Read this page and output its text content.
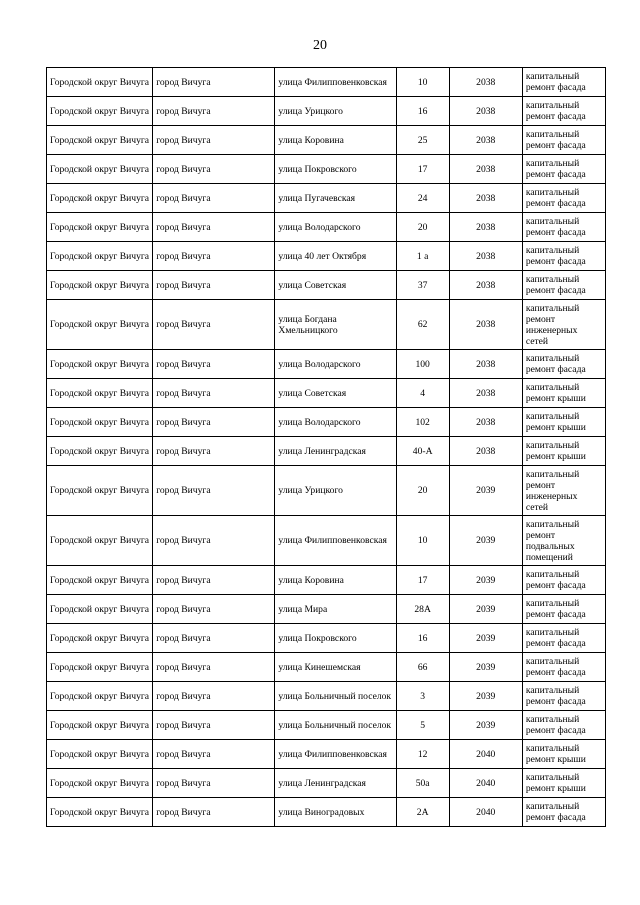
20
Городской округ Вичуга	город Вичуга	улица Филипповенковская	10	2038	капитальный ремонт фасада
Городской округ Вичуга	город Вичуга	улица Урицкого	16	2038	капитальный ремонт фасада
Городской округ Вичуга	город Вичуга	улица Коровина	25	2038	капитальный ремонт фасада
Городской округ Вичуга	город Вичуга	улица Покровского	17	2038	капитальный ремонт фасада
Городской округ Вичуга	город Вичуга	улица Пугачевская	24	2038	капитальный ремонт фасада
Городской округ Вичуга	город Вичуга	улица Володарского	20	2038	капитальный ремонт фасада
Городской округ Вичуга	город Вичуга	улица 40 лет Октября	1 а	2038	капитальный ремонт фасада
Городской округ Вичуга	город Вичуга	улица Советская	37	2038	капитальный ремонт фасада
Городской округ Вичуга	город Вичуга	улица Богдана Хмельницкого	62	2038	капитальный ремонт инженерных сетей
Городской округ Вичуга	город Вичуга	улица Володарского	100	2038	капитальный ремонт фасада
Городской округ Вичуга	город Вичуга	улица Советская	4	2038	капитальный ремонт крыши
Городской округ Вичуга	город Вичуга	улица Володарского	102	2038	капитальный ремонт крыши
Городской округ Вичуга	город Вичуга	улица Ленинградская	40-А	2038	капитальный ремонт крыши
Городской округ Вичуга	город Вичуга	улица Урицкого	20	2039	капитальный ремонт инженерных сетей
Городской округ Вичуга	город Вичуга	улица Филипповенковская	10	2039	капитальный ремонт подвальных помещений
Городской округ Вичуга	город Вичуга	улица Коровина	17	2039	капитальный ремонт фасада
Городской округ Вичуга	город Вичуга	улица Мира	28А	2039	капитальный ремонт фасада
Городской округ Вичуга	город Вичуга	улица Покровского	16	2039	капитальный ремонт фасада
Городской округ Вичуга	город Вичуга	улица Кинешемская	66	2039	капитальный ремонт фасада
Городской округ Вичуга	город Вичуга	улица Больничный поселок	3	2039	капитальный ремонт фасада
Городской округ Вичуга	город Вичуга	улица Больничный поселок	5	2039	капитальный ремонт фасада
Городской округ Вичуга	город Вичуга	улица Филипповенковская	12	2040	капитальный ремонт крыши
Городской округ Вичуга	город Вичуга	улица Ленинградская	50а	2040	капитальный ремонт крыши
Городской округ Вичуга	город Вичуга	улица Виноградовых	2А	2040	капитальный ремонт фасада
